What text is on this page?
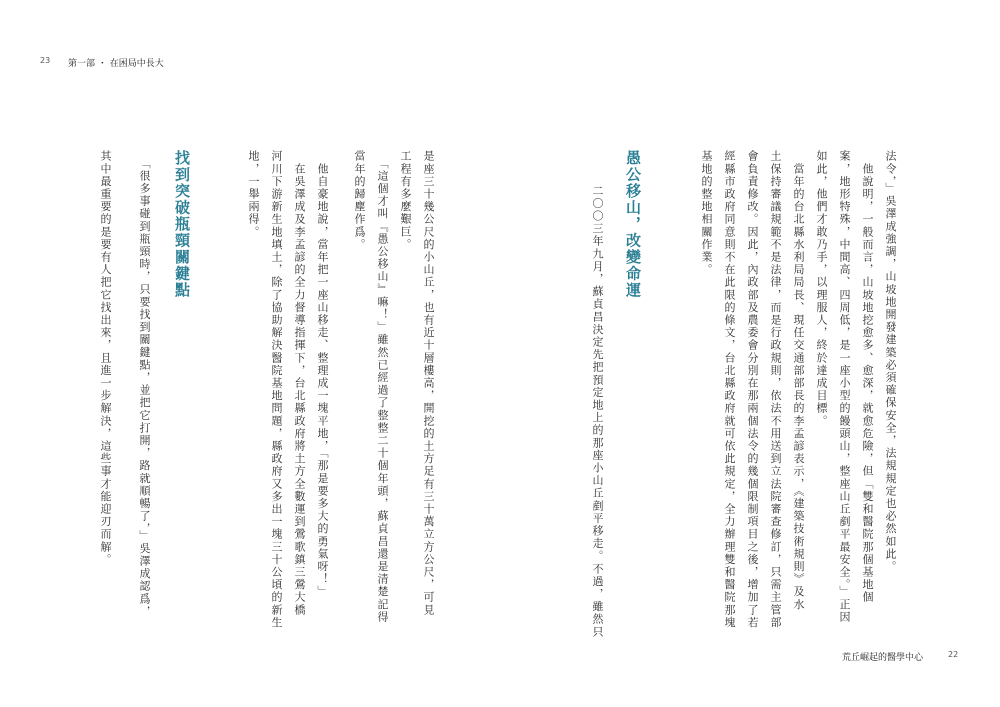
23 第一部 ・ 在困局中長大
法令，」吳澤成強調，山坡地開發建築必須確保安全，法規規定也必然如此。
　他說明，一般而言，山坡地挖愈多、愈深，就愈危險，但「雙和醫院那個基地個
案，地形特殊，中間高、四周低，是一座小型的饅頭山，整座山丘剷平最安全。」正因
如此，他們才敢乃手，以理服人，終於達成目標。
　當年的台北縣水利局局長、現任交通部部長的李孟諺表示，《建築技術規則》及水
土保持審議規範不是法律，而是行政規則，依法不用送到立法院審查修訂，只需主管部
會負責修改。因此，內政部及農委會分別在那兩個法令的幾個限制項目之後，增加了若
經縣市政府同意則不在此限的條文，台北縣政府就可依此規定，全力辦理雙和醫院那塊
基地的整地相關作業。
愚公移山，改變命運
　二〇〇三年九月，蘇貞昌決定先把預定地上的那座小山丘剷平移走。不過，雖然只
是座三十幾公尺的小山丘，也有近十層樓高，開挖的土方足有三十萬立方公尺，可見
工程有多麼艱巨。
　「這個才叫『愚公移山』嘛！」雖然已經過了整整二十個年頭，蘇貞昌還是清楚記得
當年的歸塵作爲。
　他自豪地說，當年把一座山移走、整理成一塊平地，「那是要多大的勇氣呀！」
　在吳澤成及李孟諺的全力督導指揮下，台北縣政府將土方全數運到鶯歌鎮三鶯大橋
河川下游新生地填土，除了協助解決醫院基地問題，縣政府又多出一塊三十公頃的新生
地，一舉兩得。
找到突破瓶頸關鍵點
　「很多事碰到瓶頸時，只要找到關鍵點，並把它打開，路就順暢了，」吳澤成認爲，
其中最重要的是要有人把它找出來，且進一步解決，這些事才能迎刃而解。
荒丘崛起的醫學中心	22
